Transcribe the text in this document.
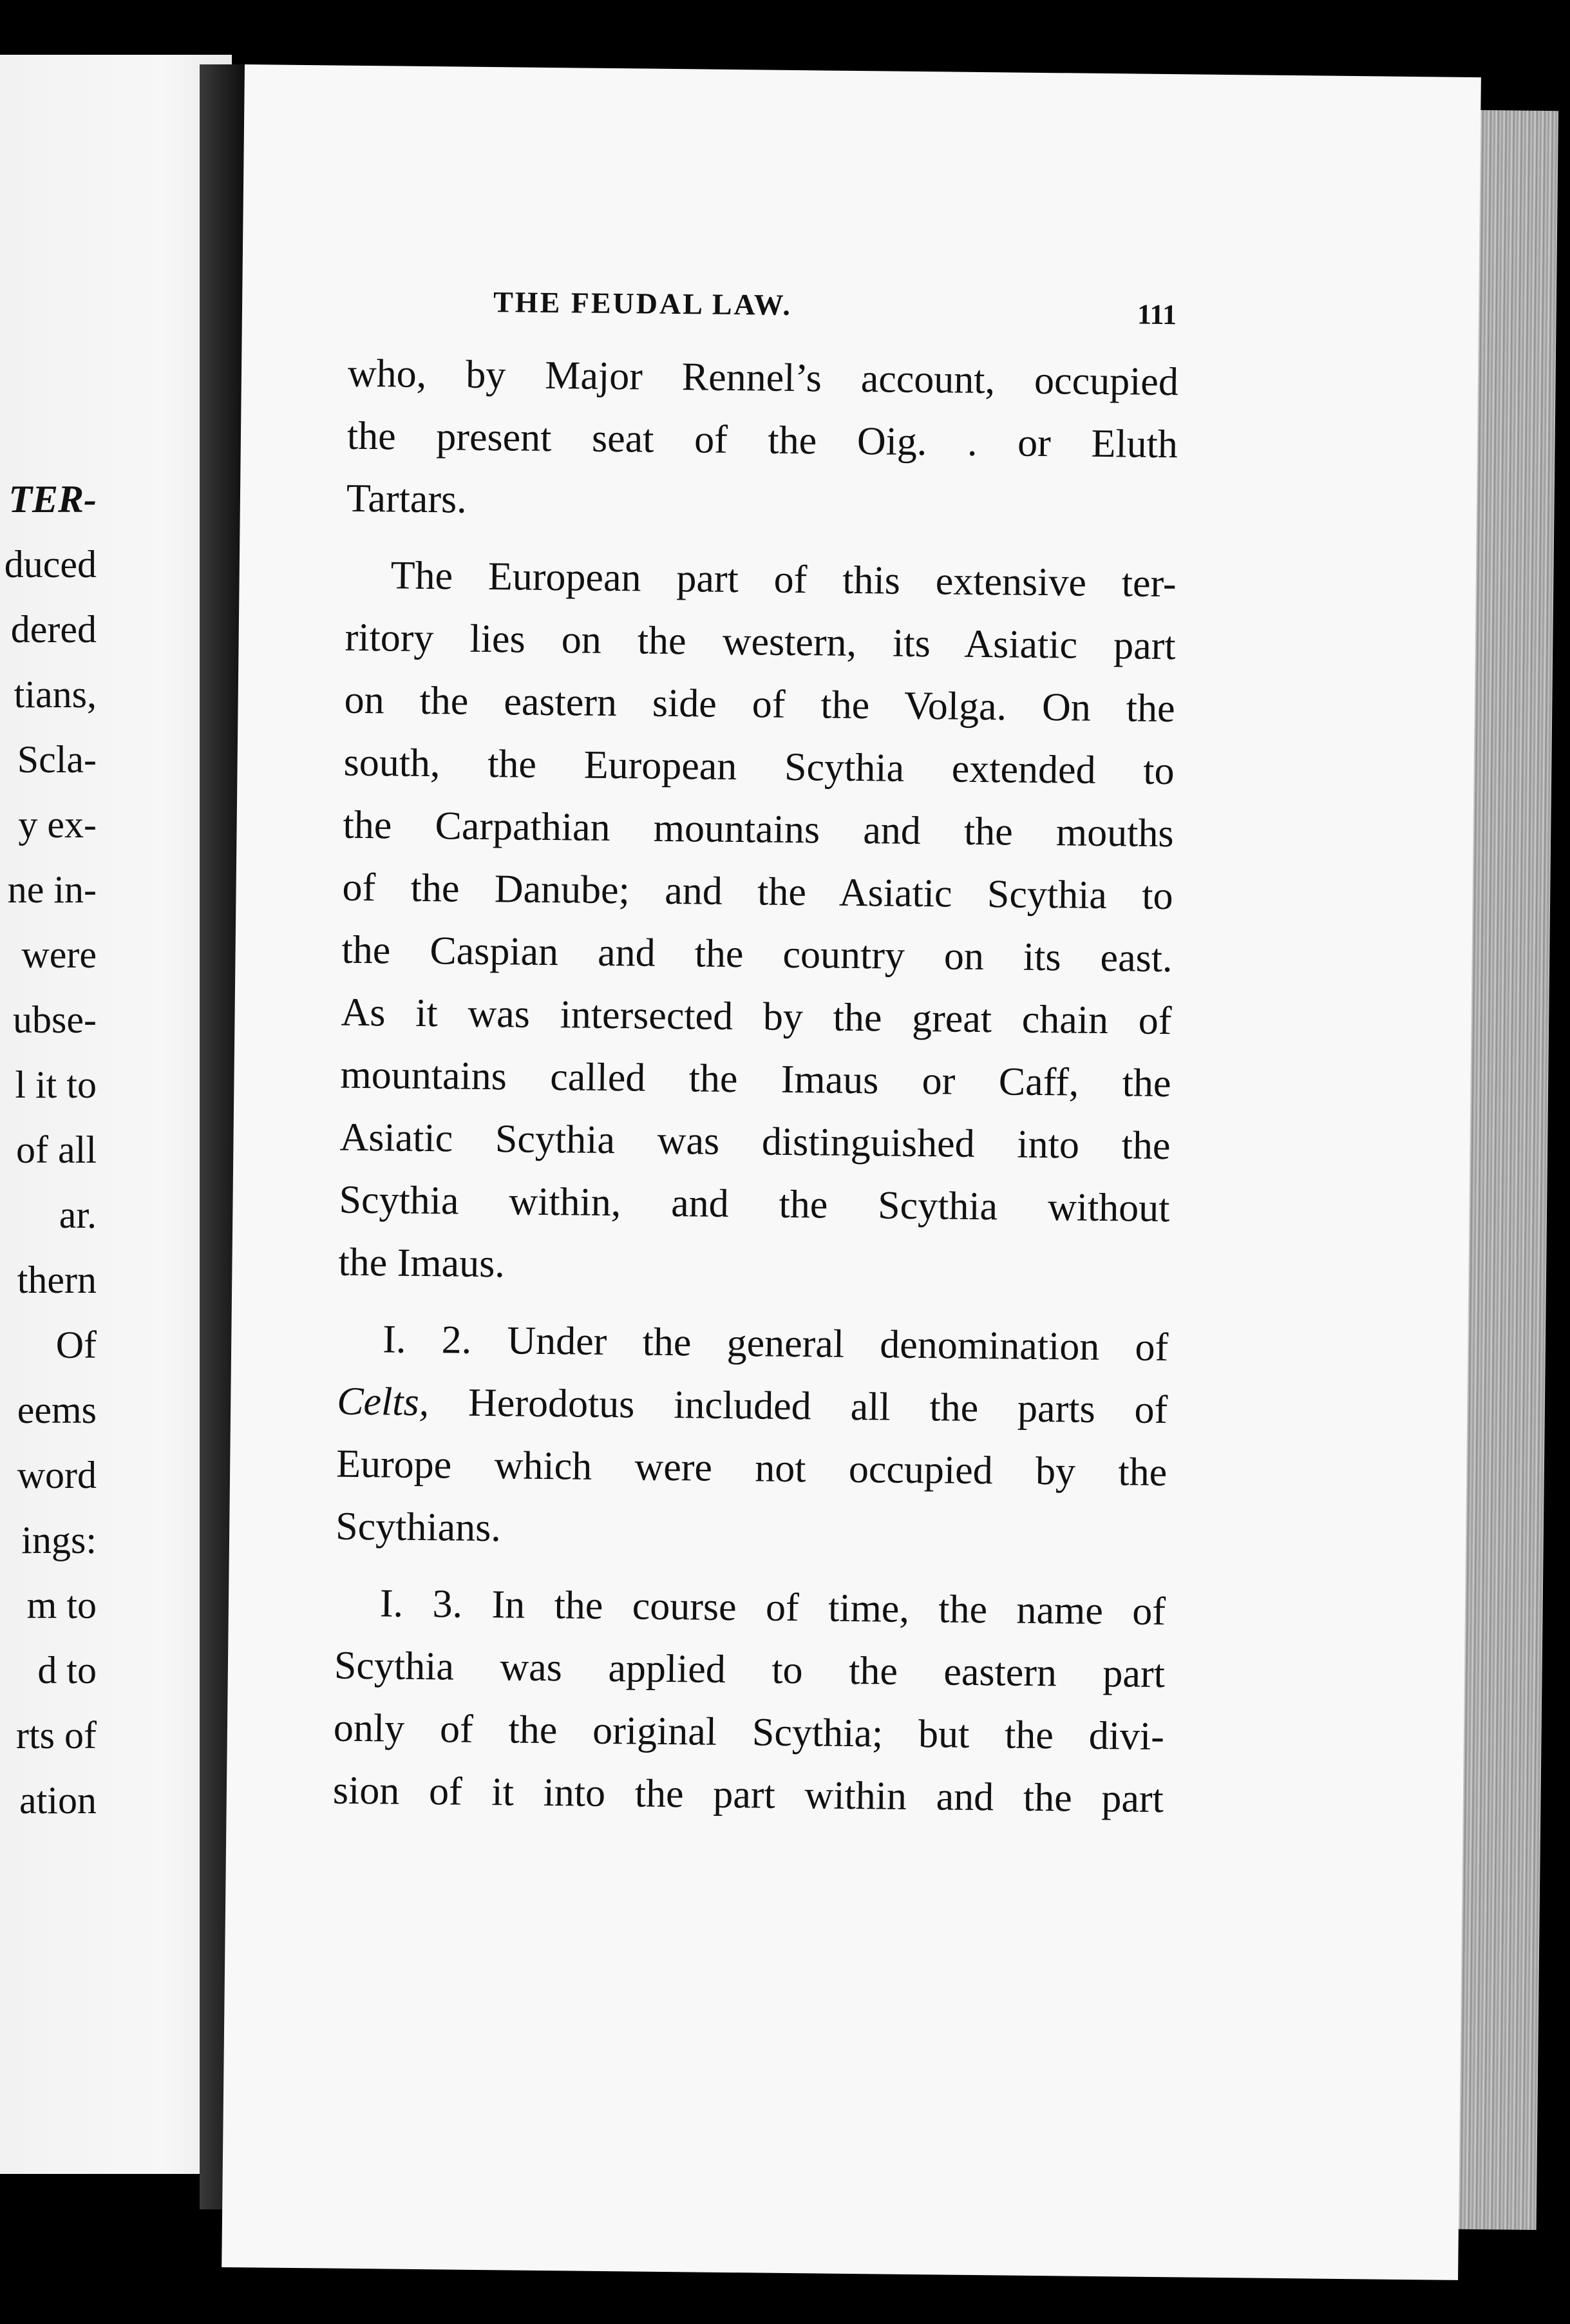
TER-
duced
dered
tians,
Scla-
y ex-
ne in-
were
ubse-
l it to
of all
ar.
thern
Of
eems
word
ings:
m to
d to
rts of
ation
THE FEUDAL LAW.	111
who, by Major Rennel’s account, occupied
the present seat of the Oig. . or Eluth
Tartars.
The European part of this extensive ter-
ritory lies on the western, its Asiatic part
on the eastern side of the Volga. On the
south, the European Scythia extended to
the Carpathian mountains and the mouths
of the Danube; and the Asiatic Scythia to
the Caspian and the country on its east.
As it was intersected by the great chain of
mountains called the Imaus or Caff, the
Asiatic Scythia was distinguished into the
Scythia within, and the Scythia without
the Imaus.
I. 2. Under the general denomination of
Celts, Herodotus included all the parts of
Europe which were not occupied by the
Scythians.
I. 3. In the course of time, the name of
Scythia was applied to the eastern part
only of the original Scythia; but the divi-
sion of it into the part within and the part
